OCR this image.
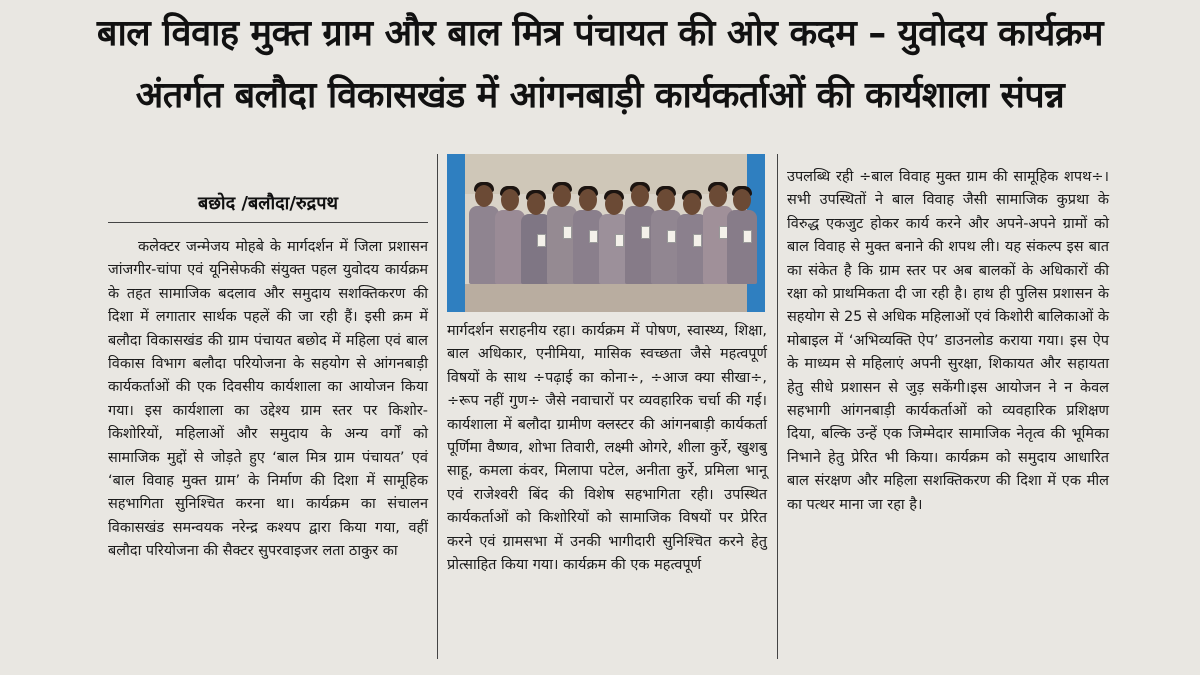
बाल विवाह मुक्त ग्राम और बाल मित्र पंचायत की ओर कदम – युवोदय कार्यक्रम
अंतर्गत बलौदा विकासखंड में आंगनबाड़ी कार्यकर्ताओं की कार्यशाला संपन्न
बछोद /बलौदा/रुद्रपथ

कलेक्टर जन्मेजय मोहबे के मार्गदर्शन में जिला प्रशासन जांजगीर-चांपा एवं यूनिसेफकी संयुक्त पहल युवोदय कार्यक्रम के तहत सामाजिक बदलाव और समुदाय सशक्तिकरण की दिशा में लगातार सार्थक पहलें की जा रही हैं। इसी क्रम में बलौदा विकासखंड की ग्राम पंचायत बछोद में महिला एवं बाल विकास विभाग बलौदा परियोजना के सहयोग से आंगनबाड़ी कार्यकर्ताओं की एक दिवसीय कार्यशाला का आयोजन किया गया। इस कार्यशाला का उद्देश्य ग्राम स्तर पर किशोर-किशोरियों, महिलाओं और समुदाय के अन्य वर्गों को सामाजिक मुद्दों से जोड़ते हुए ‘बाल मित्र ग्राम पंचायत’ एवं ‘बाल विवाह मुक्त ग्राम’ के निर्माण की दिशा में सामूहिक सहभागिता सुनिश्चित करना था। कार्यक्रम का संचालन विकासखंड समन्वयक नरेन्द्र कश्यप द्वारा किया गया, वहीं बलौदा परियोजना की सैक्टर सुपरवाइजर लता ठाकुर का

मार्गदर्शन सराहनीय रहा। कार्यक्रम में पोषण, स्वास्थ्य, शिक्षा, बाल अधिकार, एनीमिया, मासिक स्वच्छता जैसे महत्वपूर्ण विषयों के साथ ÷पढ़ाई का कोना÷, ÷आज क्या सीखा÷, ÷रूप नहीं गुण÷ जैसे नवाचारों पर व्यवहारिक चर्चा की गई। कार्यशाला में बलौदा ग्रामीण क्लस्टर की आंगनबाड़ी कार्यकर्ता पूर्णिमा वैष्णव, शोभा तिवारी, लक्ष्मी ओगरे, शीला कुर्रे, खुशबु साहू, कमला कंवर, मिलापा पटेल, अनीता कुर्रे, प्रमिला भानू एवं राजेश्वरी बिंद की विशेष सहभागिता रही। उपस्थित कार्यकर्ताओं को किशोरियों को सामाजिक विषयों पर प्रेरित करने एवं ग्रामसभा में उनकी भागीदारी सुनिश्चित करने हेतु प्रोत्साहित किया गया। कार्यक्रम की एक महत्वपूर्ण

उपलब्धि रही ÷बाल विवाह मुक्त ग्राम की सामूहिक शपथ÷। सभी उपस्थितों ने बाल विवाह जैसी सामाजिक कुप्रथा के विरुद्ध एकजुट होकर कार्य करने और अपने-अपने ग्रामों को बाल विवाह से मुक्त बनाने की शपथ ली। यह संकल्प इस बात का संकेत है कि ग्राम स्तर पर अब बालकों के अधिकारों की रक्षा को प्राथमिकता दी जा रही है। हाथ ही पुलिस प्रशासन के सहयोग से 25 से अधिक महिलाओं एवं किशोरी बालिकाओं के मोबाइल में ‘अभिव्यक्ति ऐप’ डाउनलोड कराया गया। इस ऐप के माध्यम से महिलाएं अपनी सुरक्षा, शिकायत और सहायता हेतु सीधे प्रशासन से जुड़ सकेंगी।इस आयोजन ने न केवल सहभागी आंगनबाड़ी कार्यकर्ताओं को व्यवहारिक प्रशिक्षण दिया, बल्कि उन्हें एक जिम्मेदार सामाजिक नेतृत्व की भूमिका निभाने हेतु प्रेरित भी किया। कार्यक्रम को समुदाय आधारित बाल संरक्षण और महिला सशक्तिकरण की दिशा में एक मील का पत्थर माना जा रहा है।
